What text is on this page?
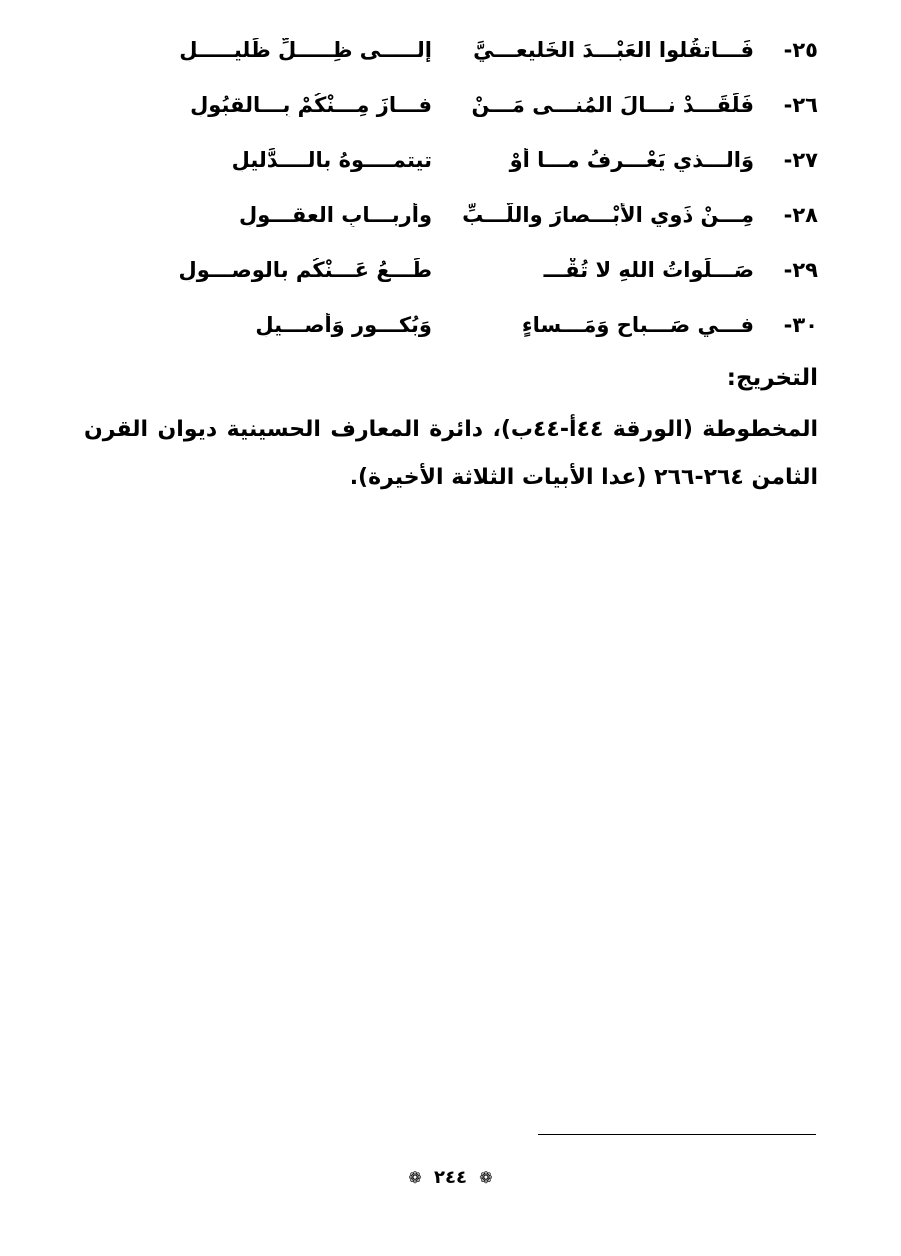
٢٥-
فَـــاتقُلوا العَبْـــدَ الخَليعـــيَّ
إلـــــى ظِـــــلِّ ظَليـــــلِ
٢٦-
فَلَقَـــدْ نـــالَ المُنـــى مَـــنْ
فـــازَ مِـــنْكُمْ بِـــالقبُولِ
٢٧-
وَالـــذي يَعْـــرِفُ مـــا أَوْ
تيتمــــوهُ بالــــدَّليلِ
٢٨-
مِـــنْ ذَوي الأبْـــصارَ واللُّـــبِّ
وأربـــابِ العقـــولِ
٢٩-
صَـــلَواتُ اللهِ لا تُقْـــ
طَـــعُ عَـــنْكُم بالوصـــولِ
٣٠-
فـــي صَـــباحٍ وَمَـــساءٍ
وَبُكـــورٍ وَأصـــيلِ
التخريج:

المخطوطة (الورقة ٤٤أ-٤٤ب)، دائرة المعارف الحسينية ديوان القرن الثامن ٢٦٤-٢٦٦ (عدا الأبيات الثلاثة الأخيرة).

❁ ٢٤٤ ❁
